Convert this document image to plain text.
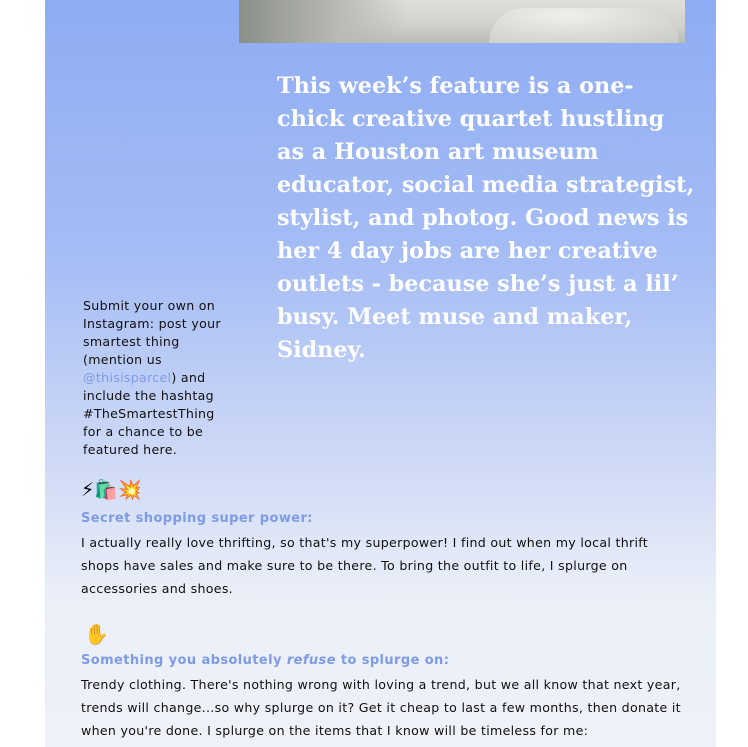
This week’s feature is a one-chick creative quartet hustling as a Houston art museum educator, social media strategist, stylist, and photog. Good news is her 4 day jobs are her creative outlets - because she’s just a lil’ busy. Meet muse and maker, Sidney.

Submit your own on Instagram: post your smartest thing (mention us @thisisparcel) and include the hashtag #TheSmartestThing for a chance to be featured here.

⚡🛍️💥

Secret shopping super power:

I actually really love thrifting, so that's my superpower! I find out when my local thrift shops have sales and make sure to be there. To bring the outfit to life, I splurge on accessories and shoes.

✋

Something you absolutely refuse to splurge on:

Trendy clothing. There's nothing wrong with loving a trend, but we all know that next year, trends will change...so why splurge on it? Get it cheap to last a few months, then donate it when you're done. I splurge on the items that I know will be timeless for me:
